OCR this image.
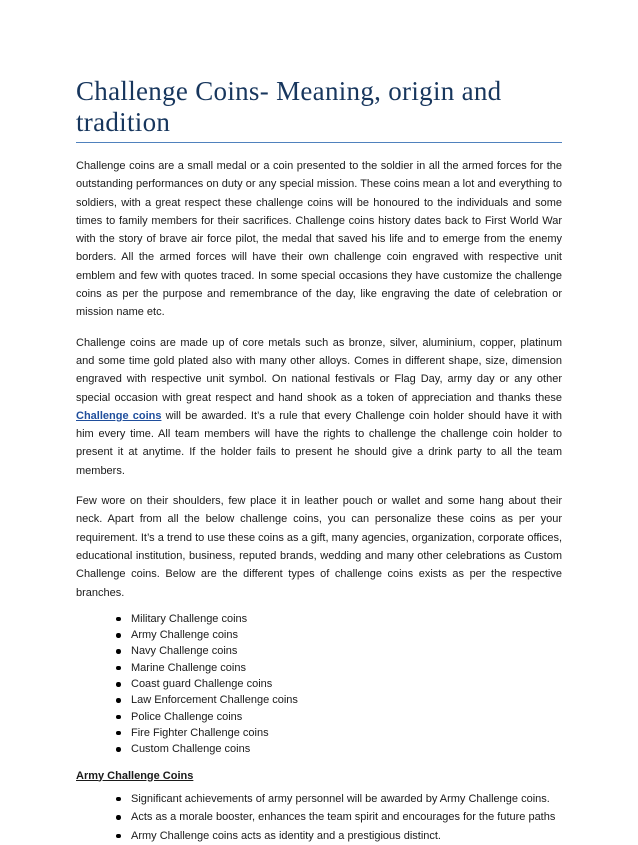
Challenge Coins- Meaning, origin and tradition

Challenge coins are a small medal or a coin presented to the soldier in all the armed forces for the outstanding performances on duty or any special mission. These coins mean a lot and everything to soldiers, with a great respect these challenge coins will be honoured to the individuals and some times to family members for their sacrifices. Challenge coins history dates back to First World War with the story of brave air force pilot, the medal that saved his life and to emerge from the enemy borders. All the armed forces will have their own challenge coin engraved with respective unit emblem and few with quotes traced. In some special occasions they have customize the challenge coins as per the purpose and remembrance of the day, like engraving the date of celebration or mission name etc.

Challenge coins are made up of core metals such as bronze, silver, aluminium, copper, platinum and some time gold plated also with many other alloys. Comes in different shape, size, dimension engraved with respective unit symbol. On national festivals or Flag Day, army day or any other special occasion with great respect and hand shook as a token of appreciation and thanks these Challenge coins will be awarded. It’s a rule that every Challenge coin holder should have it with him every time. All team members will have the rights to challenge the challenge coin holder to present it at anytime. If the holder fails to present he should give a drink party to all the team members.

Few wore on their shoulders, few place it in leather pouch or wallet and some hang about their neck. Apart from all the below challenge coins, you can personalize these coins as per your requirement. It’s a trend to use these coins as a gift, many agencies, organization, corporate offices, educational institution, business, reputed brands, wedding and many other celebrations as Custom Challenge coins. Below are the different types of challenge coins exists as per the respective branches.

Military Challenge coins
Army Challenge coins
Navy Challenge coins
Marine Challenge coins
Coast guard Challenge coins
Law Enforcement Challenge coins
Police Challenge coins
Fire Fighter Challenge coins
Custom Challenge coins
Army Challenge Coins
Significant achievements of army personnel will be awarded by Army Challenge coins.
Acts as a morale booster, enhances the team spirit and encourages for the future paths
Army Challenge coins acts as identity and a prestigious distinct.
